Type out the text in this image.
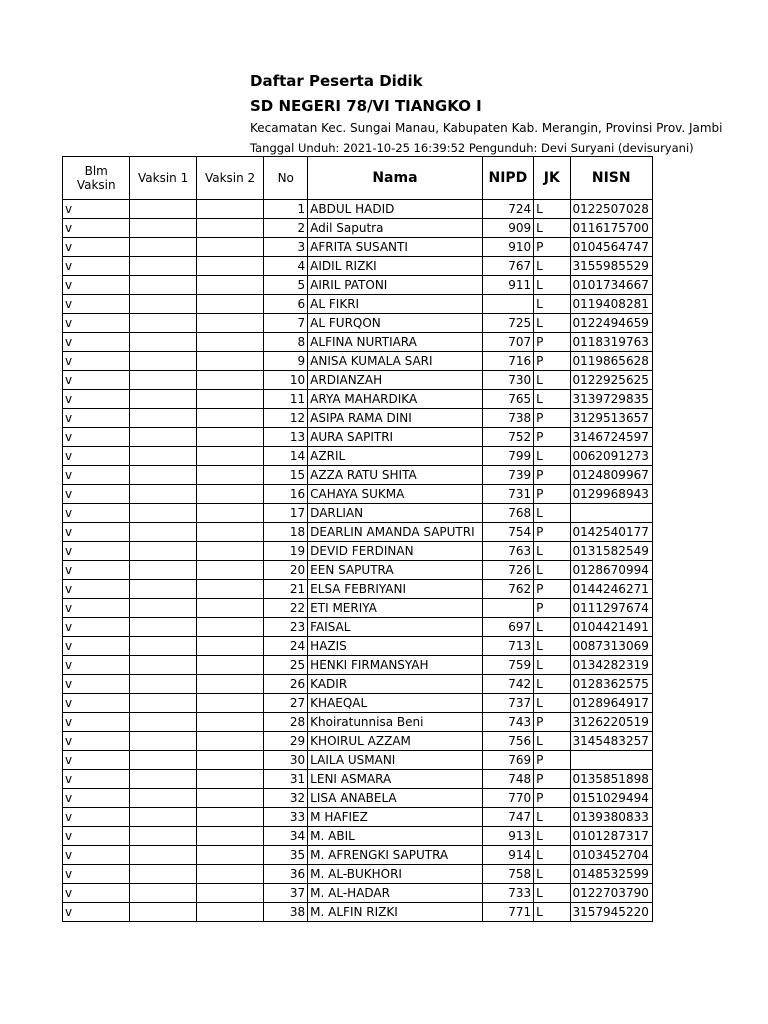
Daftar Peserta Didik
SD NEGERI 78/VI TIANGKO I
Kecamatan Kec. Sungai Manau, Kabupaten Kab. Merangin, Provinsi Prov. Jambi
Tanggal Unduh: 2021-10-25 16:39:52 Pengunduh: Devi Suryani (devisuryani)
Blm Vaksin	Vaksin 1	Vaksin 2	No	Nama	NIPD	JK	NISN
v			1	ABDUL HADID	724	L	0122507028
v			2	Adil Saputra	909	L	0116175700
v			3	AFRITA SUSANTI	910	P	0104564747
v			4	AIDIL RIZKI	767	L	3155985529
v			5	AIRIL PATONI	911	L	0101734667
v			6	AL FIKRI		L	0119408281
v			7	AL FURQON	725	L	0122494659
v			8	ALFINA NURTIARA	707	P	0118319763
v			9	ANISA KUMALA SARI	716	P	0119865628
v			10	ARDIANZAH	730	L	0122925625
v			11	ARYA MAHARDIKA	765	L	3139729835
v			12	ASIPA RAMA DINI	738	P	3129513657
v			13	AURA SAPITRI	752	P	3146724597
v			14	AZRIL	799	L	0062091273
v			15	AZZA RATU SHITA	739	P	0124809967
v			16	CAHAYA SUKMA	731	P	0129968943
v			17	DARLIAN	768	L	
v			18	DEARLIN AMANDA SAPUTRI	754	P	0142540177
v			19	DEVID FERDINAN	763	L	0131582549
v			20	EEN SAPUTRA	726	L	0128670994
v			21	ELSA FEBRIYANI	762	P	0144246271
v			22	ETI MERIYA		P	0111297674
v			23	FAISAL	697	L	0104421491
v			24	HAZIS	713	L	0087313069
v			25	HENKI FIRMANSYAH	759	L	0134282319
v			26	KADIR	742	L	0128362575
v			27	KHAEQAL	737	L	0128964917
v			28	Khoiratunnisa Beni	743	P	3126220519
v			29	KHOIRUL AZZAM	756	L	3145483257
v			30	LAILA USMANI	769	P	
v			31	LENI ASMARA	748	P	0135851898
v			32	LISA ANABELA	770	P	0151029494
v			33	M HAFIEZ	747	L	0139380833
v			34	M. ABIL	913	L	0101287317
v			35	M. AFRENGKI SAPUTRA	914	L	0103452704
v			36	M. AL-BUKHORI	758	L	0148532599
v			37	M. AL-HADAR	733	L	0122703790
v			38	M. ALFIN RIZKI	771	L	3157945220
